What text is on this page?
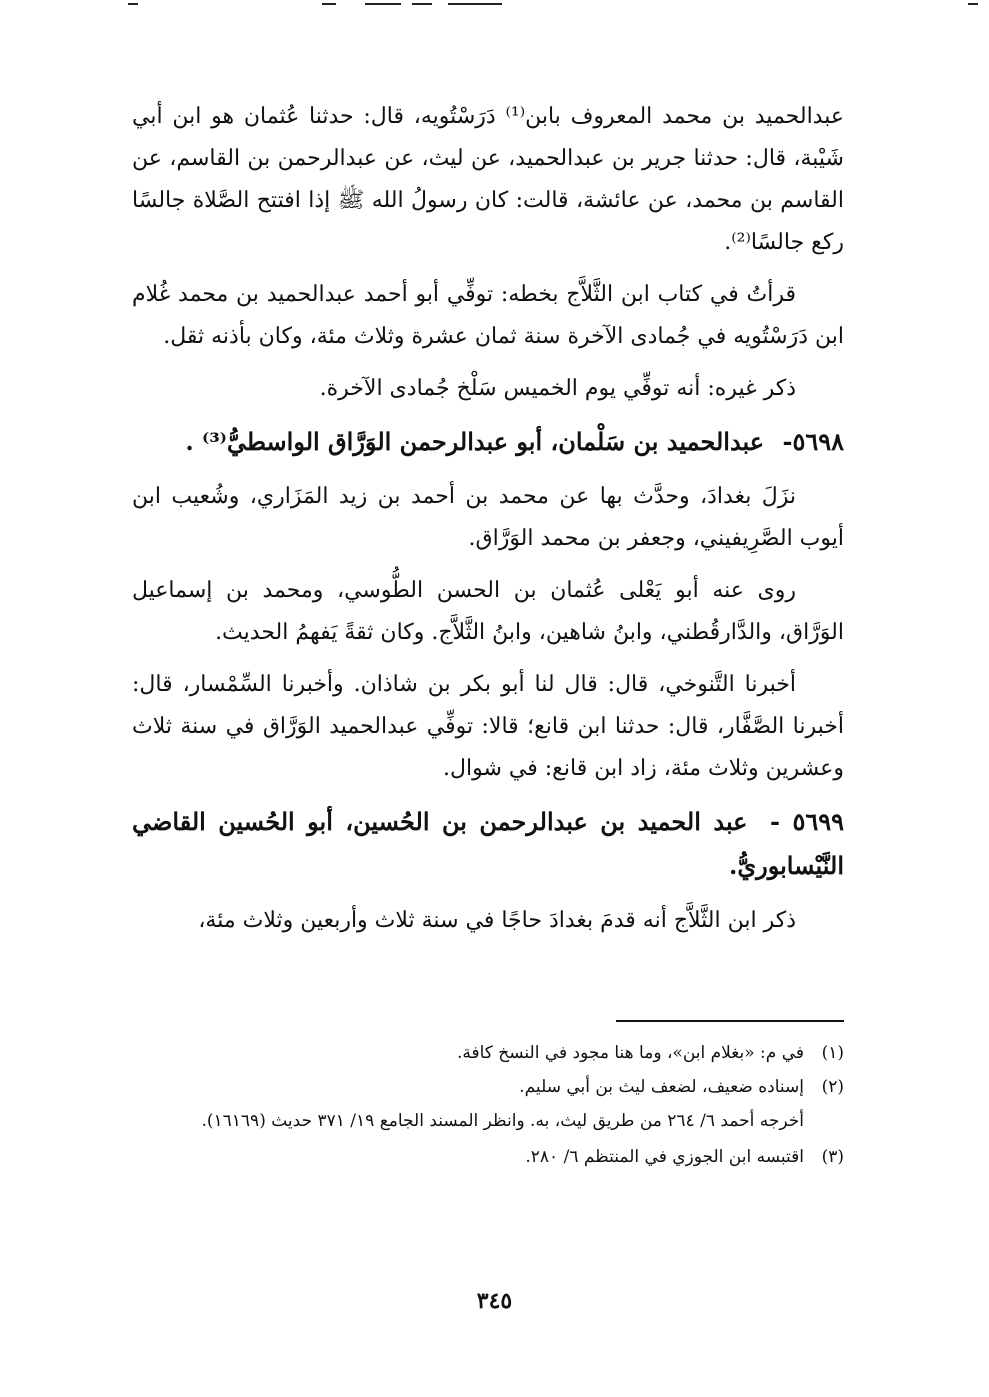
عبدالحميد بن محمد المعروف بابن⁽¹⁾ دَرَسْتُويه، قال: حدثنا عُثمان هو ابن أبي شَيْبة، قال: حدثنا جرير بن عبدالحميد، عن ليث، عن عبدالرحمن بن القاسم، عن القاسم بن محمد، عن عائشة، قالت: كان رسولُ الله ﷺ إذا افتتح الصَّلاة جالسًا ركع جالسًا⁽²⁾.

قرأتُ في كتاب ابن الثَّلاَّج بخطه: توفِّي أبو أحمد عبدالحميد بن محمد غُلام ابن دَرَسْتُويه في جُمادى الآخرة سنة ثمان عشرة وثلاث مئة، وكان بأذنه ثقل.

ذكر غيره: أنه توفِّي يوم الخميس سَلْخ جُمادى الآخرة.

٥٦٩٨- عبدالحميد بن سَلْمان، أبو عبدالرحمن الوَرَّاق الواسطيُّ⁽³⁾ .

نزَلَ بغدادَ، وحدَّث بها عن محمد بن أحمد بن زيد المَزَاري، وشُعيب ابن أيوب الصَّرِيفيني، وجعفر بن محمد الوَرَّاق.

روى عنه أبو يَعْلى عُثمان بن الحسن الطُّوسي، ومحمد بن إسماعيل الوَرَّاق، والدَّارقُطني، وابنُ شاهين، وابنُ الثَّلاَّج. وكان ثقةً يَفهمُ الحديث.

أخبرنا التَّنوخي، قال: قال لنا أبو بكر بن شاذان. وأخبرنا السِّمْسار، قال: أخبرنا الصَّفَّار، قال: حدثنا ابن قانع؛ قالا: توفِّي عبدالحميد الوَرَّاق في سنة ثلاث وعشرين وثلاث مئة، زاد ابن قانع: في شوال.

٥٦٩٩ - عبد الحميد بن عبدالرحمن بن الحُسين، أبو الحُسين القاضي النَّيْسابوريُّ.

ذكر ابن الثَّلاَّج أنه قدمَ بغدادَ حاجًا في سنة ثلاث وأربعين وثلاث مئة،

(١)في م: «بغلام ابن»، وما هنا مجود في النسخ كافة.
(٢)إسناده ضعيف، لضعف ليث بن أبي سليم.
أخرجه أحمد ٦/ ٢٦٤ من طريق ليث، به. وانظر المسند الجامع ١٩/ ٣٧١ حديث (١٦١٦٩).
(٣)اقتبسه ابن الجوزي في المنتظم ٦/ ٢٨٠.
٣٤٥
